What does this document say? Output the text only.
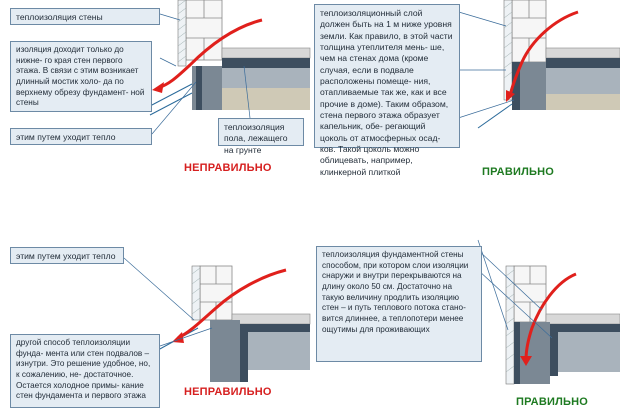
теплоизоляция стены
изоляция доходит только до нижне- го края стен первого этажа. В связи с этим возникает длинный мостик холо- да по верхнему обрезу фундамент- ной стены
этим путем уходит тепло
теплоизоляция пола, лежащего на грунте
НЕПРАВИЛЬНО
теплоизоляционный слой должен быть на 1 м ниже уровня земли. Как правило, в этой части толщина утеплителя мень- ше, чем на стенах дома (кроме случая, если в подвале расположены помеще- ния, отапливаемые так же, как и все прочие в доме). Таким образом, стена первого этажа образует капельник, обе- регающий цоколь от атмосферных осад- ков. Такой цоколь можно облицевать, например, клинкерной плиткой	ПРАВИЛЬНО
этим путем уходит тепло
другой способ теплоизоляции фунда- мента или стен подвалов – изнутри. Это решение удобное, но, к сожалению, не- достаточное. Остается холодное примы- кание стен фундамента и первого этажа	НЕПРАВИЛЬНО
теплоизоляция фундаментной стены способом, при котором слои изоляции снаружи и внутри перекрываются на длину около 50 см. Достаточно на такую величину продлить изоляцию стен – и путь теплового потока стано- вится длиннее, а теплопотери менее ощутимы для проживающих
ПРАВИЛЬНО
